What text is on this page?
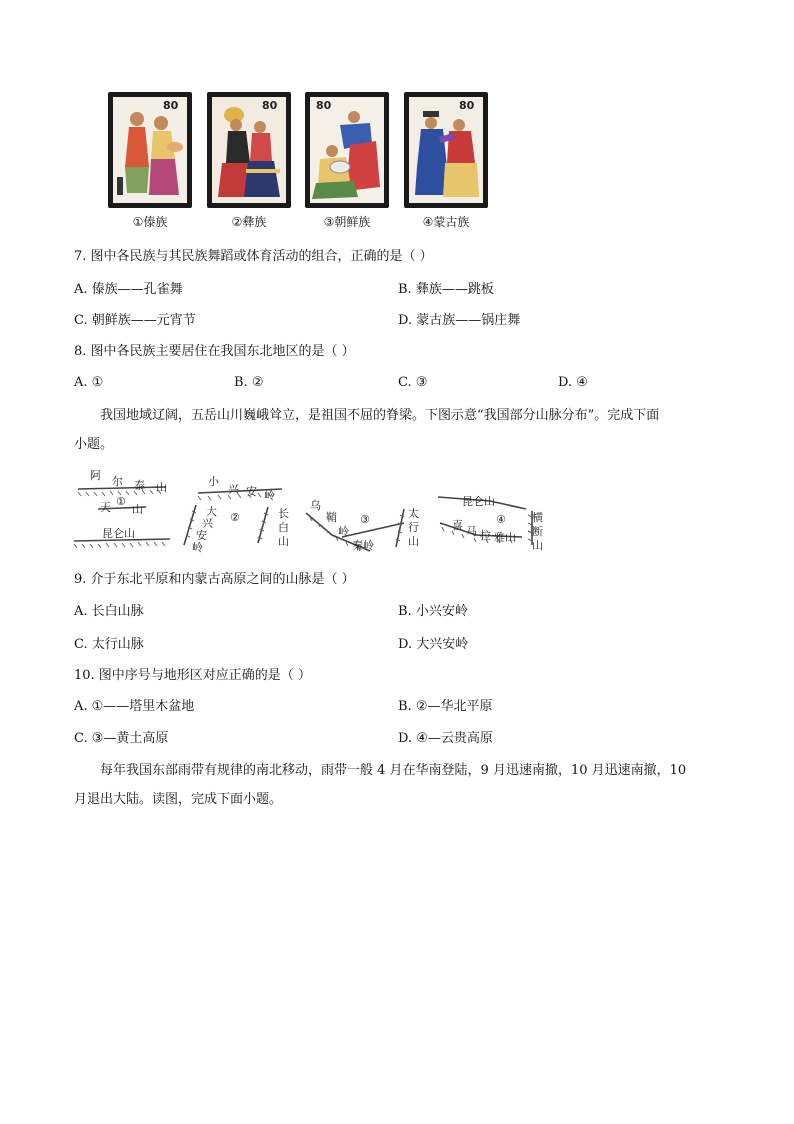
80
①傣族
80
②彝族
80
③朝鲜族
80
④蒙古族
7. 图中各民族与其民族舞蹈或体育活动的组合，正确的是（ ）
A. 傣族——孔雀舞	B. 彝族——跳板
C. 朝鲜族——元宵节	D. 蒙古族——锅庄舞
8. 图中各民族主要居住在我国东北地区的是（ ）
A. ①	B. ②	C. ③	D. ④
我国地域辽阔，五岳山川巍峨耸立，是祖国不屈的脊梁。下图示意“我国部分山脉分布”。完成下面
小题。
阿 尔 泰 山
天 ①
山
昆仑山
小
兴 安 岭
大
兴
安
岭
②	长
白
山
乌
鞘
岭
③
秦岭
太
行
山
昆仑山
喜 马 拉 雅山
④ 横
断
山
9. 介于东北平原和内蒙古高原之间的山脉是（ ）
A. 长白山脉	B. 小兴安岭
C. 太行山脉	D. 大兴安岭
10. 图中序号与地形区对应正确的是（ ）
A. ①——塔里木盆地	B. ②—华北平原
C. ③—黄土高原	D. ④—云贵高原
每年我国东部雨带有规律的南北移动，雨带一般 4 月在华南登陆，9 月迅速南撤，10 月迅速南撤，10
月退出大陆。读图，完成下面小题。
